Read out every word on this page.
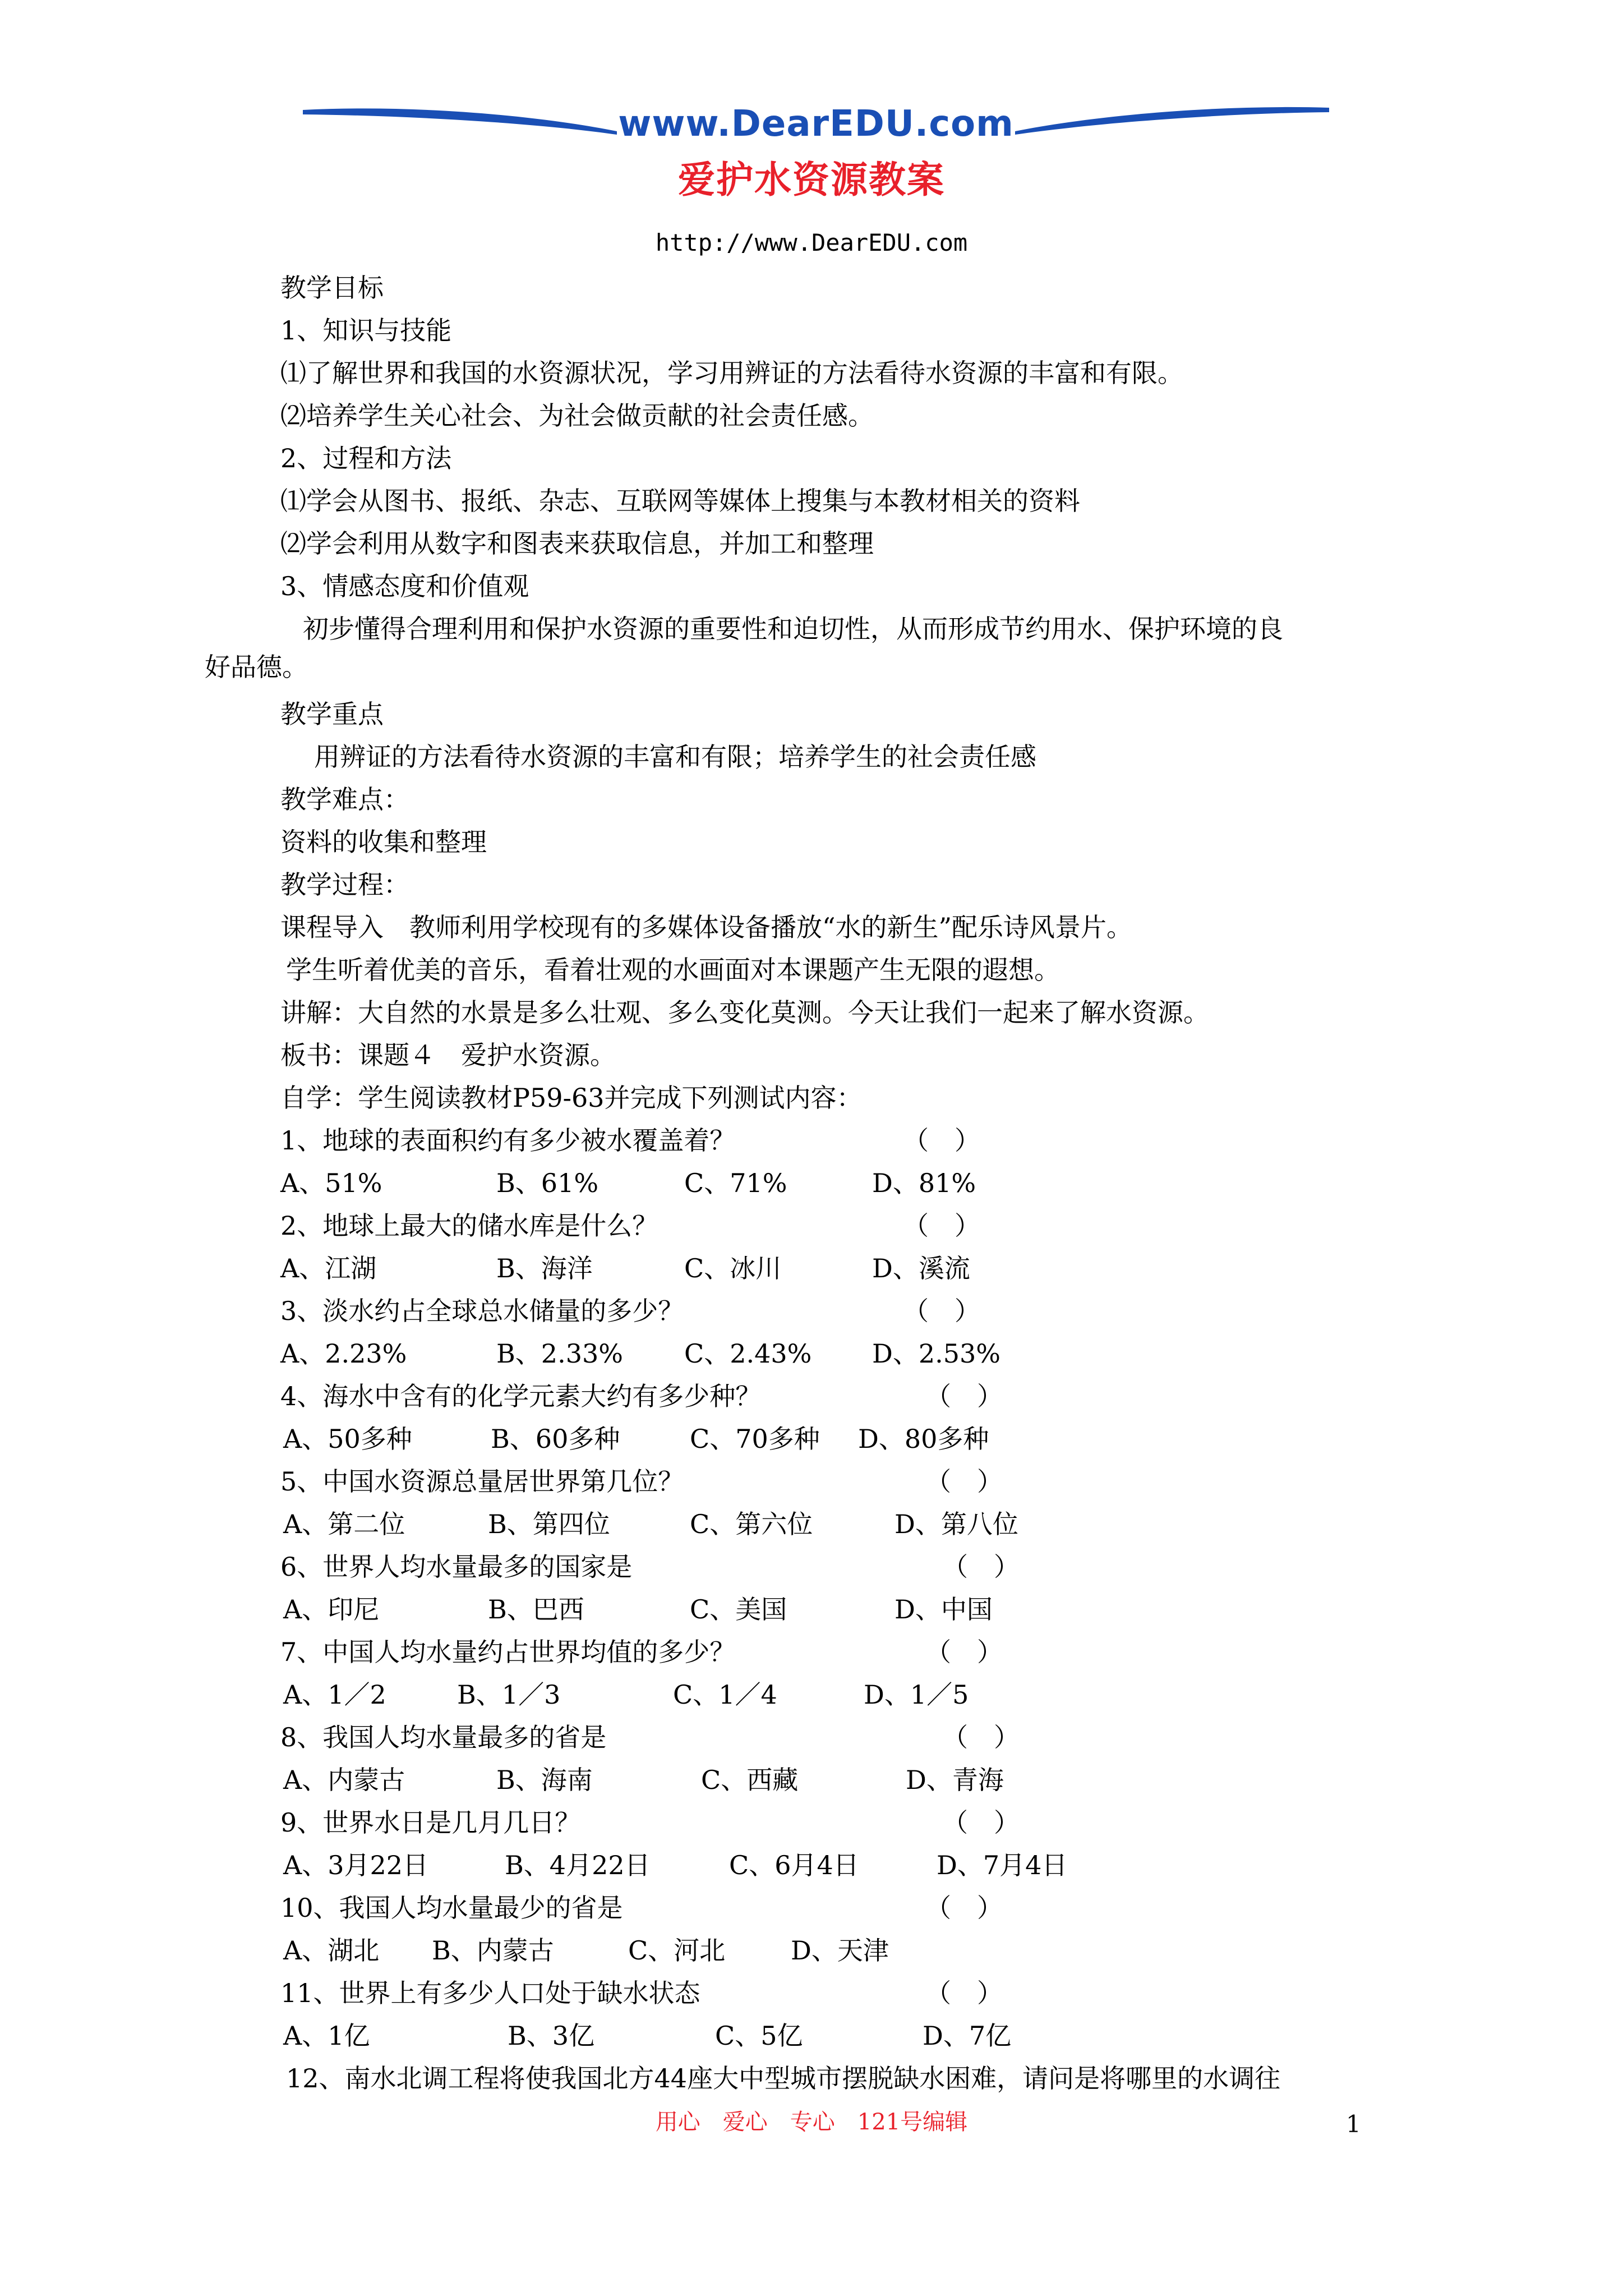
www.DearEDU.com
爱护水资源教案
http://www.DearEDU.com
教学目标
1、知识与技能
⑴了解世界和我国的水资源状况，学习用辨证的方法看待水资源的丰富和有限。
⑵培养学生关心社会、为社会做贡献的社会责任感。
2、过程和方法
⑴学会从图书、报纸、杂志、互联网等媒体上搜集与本教材相关的资料
⑵学会利用从数字和图表来获取信息，并加工和整理
3、情感态度和价值观
初步懂得合理利用和保护水资源的重要性和迫切性，从而形成节约用水、保护环境的良
好品德。
教学重点
用辨证的方法看待水资源的丰富和有限；培养学生的社会责任感
教学难点：
资料的收集和整理
教学过程：
课程导入　教师利用学校现有的多媒体设备播放“水的新生”配乐诗风景片。
学生听着优美的音乐，看着壮观的水画面对本课题产生无限的遐想。
讲解：大自然的水景是多么壮观、多么变化莫测。今天让我们一起来了解水资源。
板书：课题４　爱护水资源。
自学：学生阅读教材P59-63并完成下列测试内容：
1、地球的表面积约有多少被水覆盖着？	（　）
A、51%	B、61%	C、71%	D、81%
2、地球上最大的储水库是什么？	（　）
A、江湖	B、海洋	C、冰川	D、溪流
3、淡水约占全球总水储量的多少？	（　）
A、2.23%	B、2.33% C、2.43% D、2.53%
4、海水中含有的化学元素大约有多少种？	（　）
A、50多种	B、60多种	C、70多种 D、80多种
5、中国水资源总量居世界第几位？	（　）
A、第二位	B、第四位	C、第六位	D、第八位
6、世界人均水量最多的国家是	（　）
A、印尼	B、巴西	C、美国	D、中国
7、中国人均水量约占世界均值的多少？	（　）
A、1／2	B、1／3	C、1／4	D、1／5
8、我国人均水量最多的省是	（　）
A、内蒙古	B、海南	C、西藏	D、青海
9、世界水日是几月几日？	（　）
A、3月22日	B、4月22日	C、6月4日	D、7月4日
10、我国人均水量最少的省是	（　）
A、湖北 B、内蒙古	C、河北	D、天津
11、世界上有多少人口处于缺水状态	（　）
A、1亿	B、3亿	C、5亿	D、7亿
12、南水北调工程将使我国北方44座大中型城市摆脱缺水困难，请问是将哪里的水调往
用心　爱心　专心　121号编辑	1
